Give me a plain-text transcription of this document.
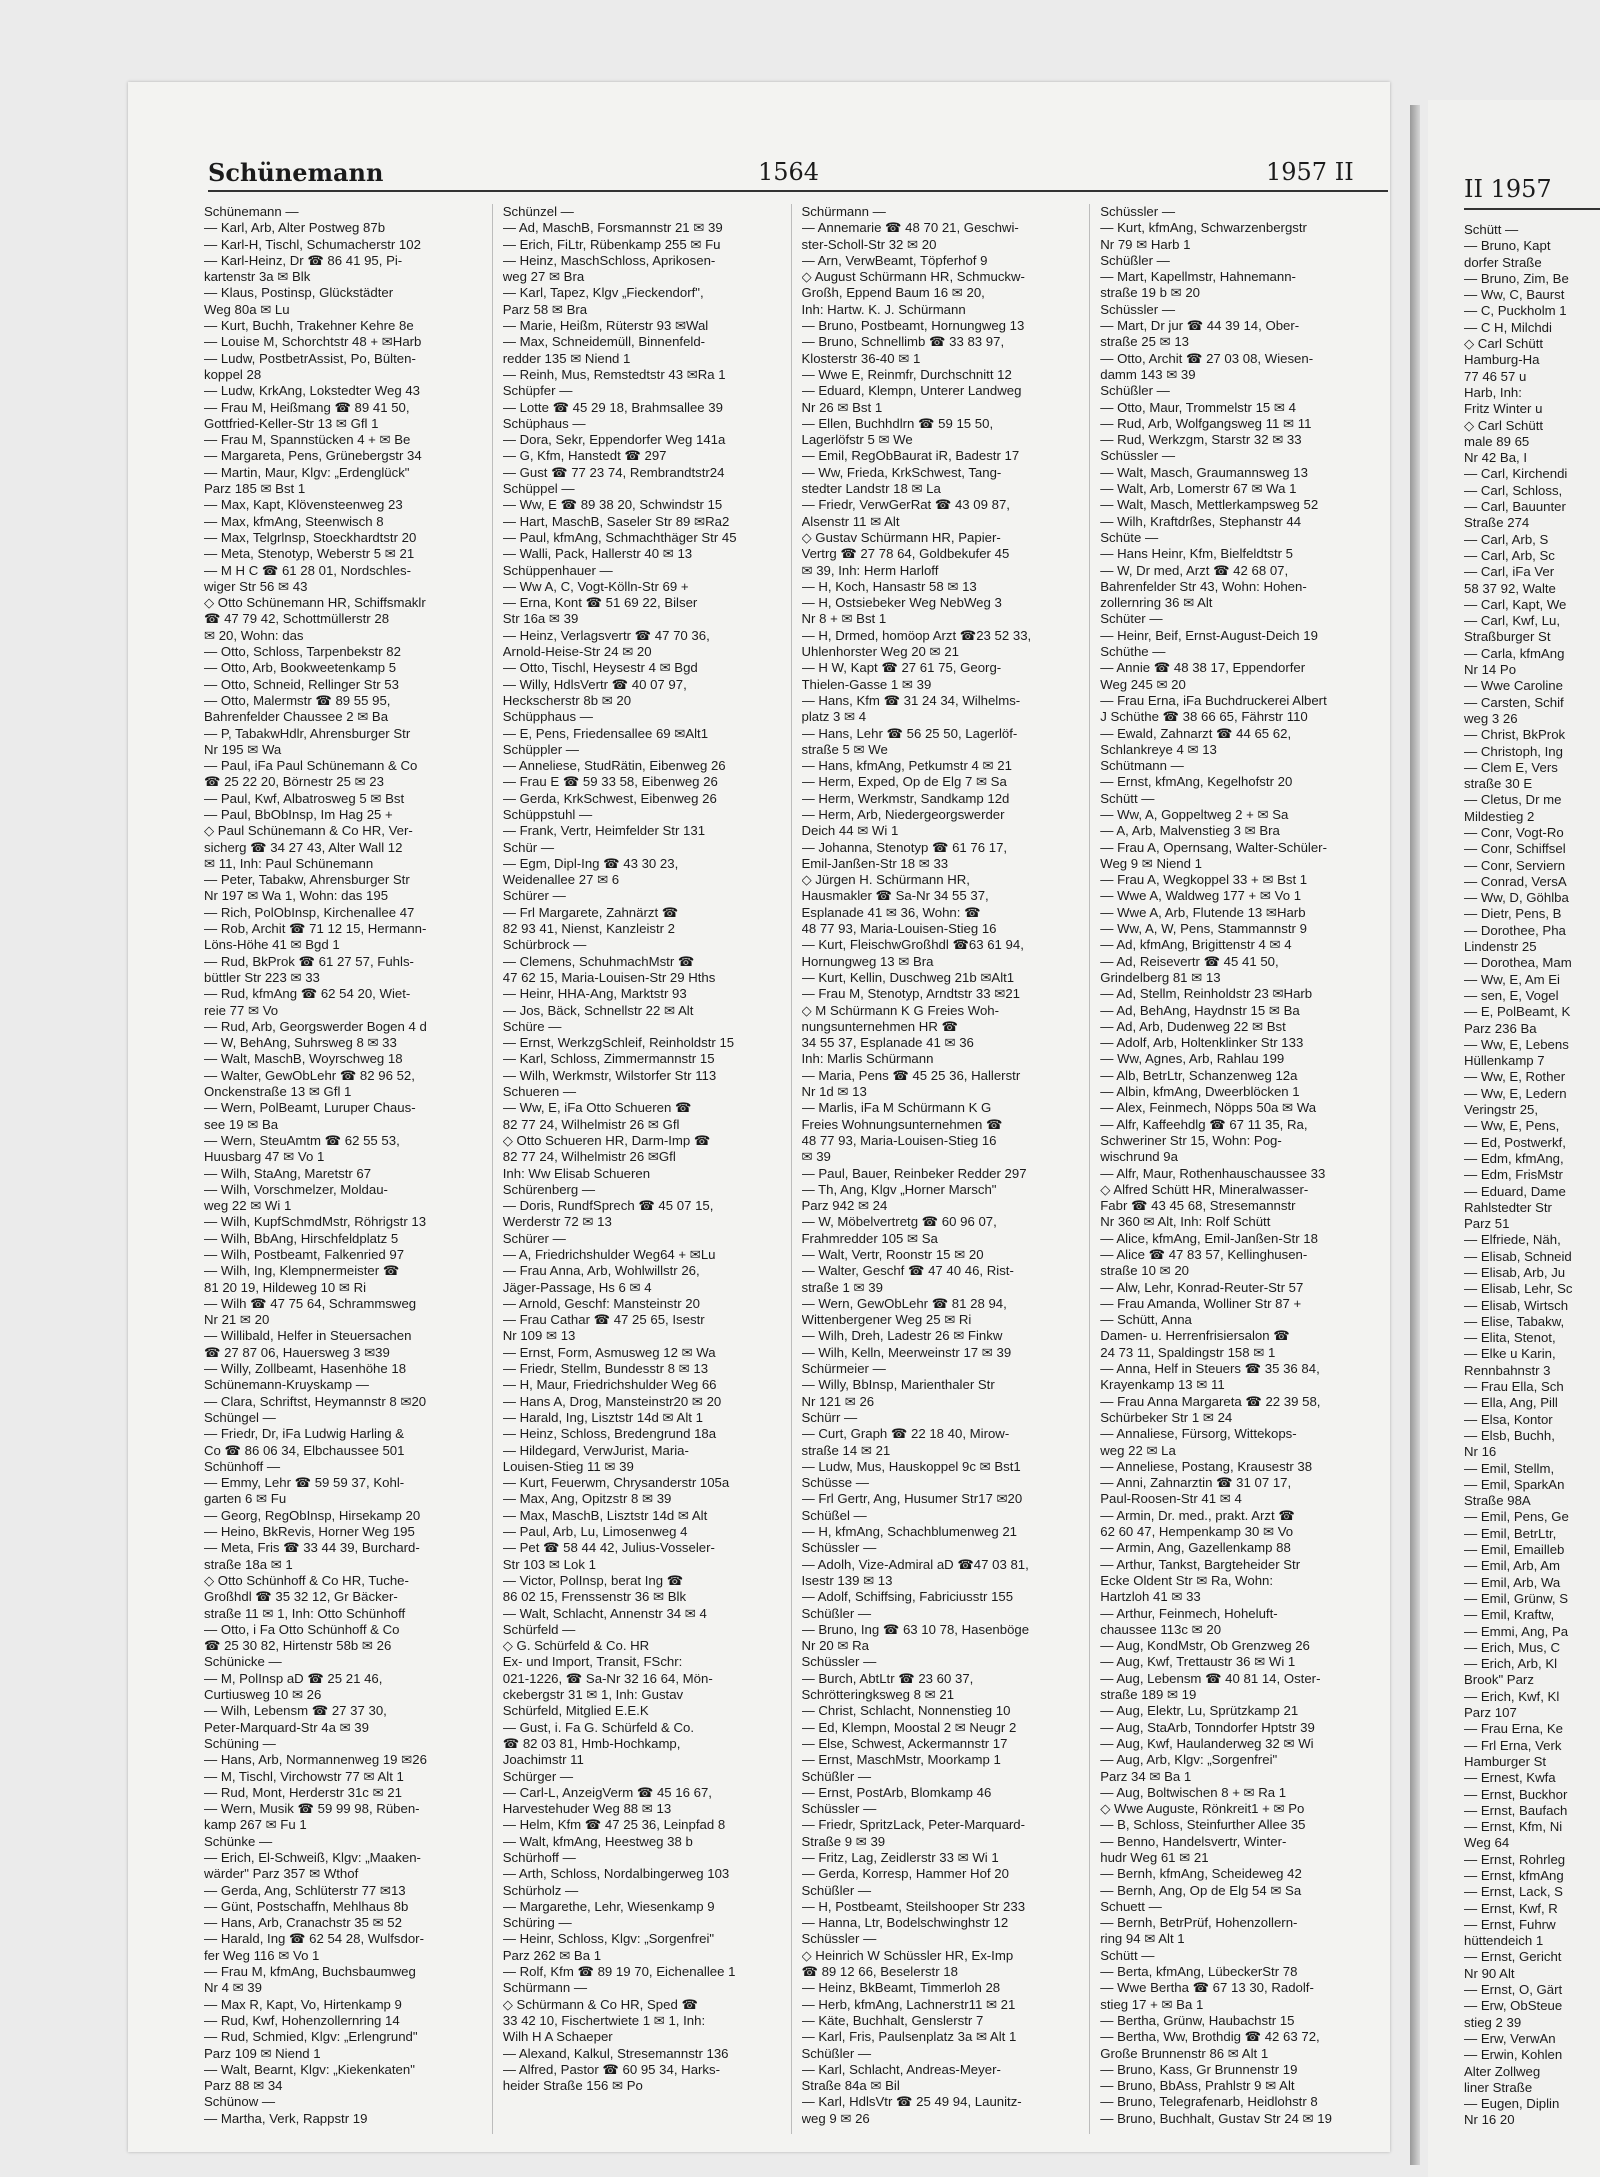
Schünemann	1564	1957 II
Schünemann —
— Karl, Arb, Alter Postweg 87b
— Karl-H, Tischl, Schumacherstr 102
— Karl-Heinz, Dr ☎ 86 41 95, Pi-
kartenstr 3a ✉ Blk
— Klaus, Postinsp, Glückstädter
Weg 80a ✉ Lu
— Kurt, Buchh, Trakehner Kehre 8e
— Louise M, Schorchtstr 48 + ✉Harb
— Ludw, PostbetrAssist, Po, Bülten-
koppel 28
— Ludw, KrkAng, Lokstedter Weg 43
— Frau M, Heißmang ☎ 89 41 50,
Gottfried-Keller-Str 13 ✉ Gfl 1
— Frau M, Spannstücken 4 + ✉ Be
— Margareta, Pens, Grünebergstr 34
— Martin, Maur, Klgv: „Erdenglück"
Parz 185 ✉ Bst 1
— Max, Kapt, Klövensteenweg 23
— Max, kfmAng, Steenwisch 8
— Max, Telgrlnsp, Stoeckhardtstr 20
— Meta, Stenotyp, Weberstr 5 ✉ 21
— M H C ☎ 61 28 01, Nordschles-
wiger Str 56 ✉ 43
◇ Otto Schünemann HR, Schiffsmaklr
☎ 47 79 42, Schottmüllerstr 28
✉ 20, Wohn: das
— Otto, Schloss, Tarpenbekstr 82
— Otto, Arb, Bookweetenkamp 5
— Otto, Schneid, Rellinger Str 53
— Otto, Malermstr ☎ 89 55 95,
Bahrenfelder Chaussee 2 ✉ Ba
— P, TabakwHdlr, Ahrensburger Str
Nr 195 ✉ Wa
— Paul, iFa Paul Schünemann & Co
☎ 25 22 20, Börnestr 25 ✉ 23
— Paul, Kwf, Albatrosweg 5 ✉ Bst
— Paul, BbObInsp, Im Hag 25 +
◇ Paul Schünemann & Co HR, Ver-
sicherg ☎ 34 27 43, Alter Wall 12
✉ 11, Inh: Paul Schünemann
— Peter, Tabakw, Ahrensburger Str
Nr 197 ✉ Wa 1, Wohn: das 195
— Rich, PolObInsp, Kirchenallee 47
— Rob, Archit ☎ 71 12 15, Hermann-
Löns-Höhe 41 ✉ Bgd 1
— Rud, BkProk ☎ 61 27 57, Fuhls-
büttler Str 223 ✉ 33
— Rud, kfmAng ☎ 62 54 20, Wiet-
reie 77 ✉ Vo
— Rud, Arb, Georgswerder Bogen 4 d
— W, BehAng, Suhrsweg 8 ✉ 33
— Walt, MaschB, Woyrschweg 18
— Walter, GewObLehr ☎ 82 96 52,
Onckenstraße 13 ✉ Gfl 1
— Wern, PolBeamt, Luruper Chaus-
see 19 ✉ Ba
— Wern, SteuAmtm ☎ 62 55 53,
Huusbarg 47 ✉ Vo 1
— Wilh, StaAng, Maretstr 67
— Wilh, Vorschmelzer, Moldau-
weg 22 ✉ Wi 1
— Wilh, KupfSchmdMstr, Röhrigstr 13
— Wilh, BbAng, Hirschfeldplatz 5
— Wilh, Postbeamt, Falkenried 97
— Wilh, Ing, Klempnermeister ☎
81 20 19, Hildeweg 10 ✉ Ri
— Wilh ☎ 47 75 64, Schrammsweg
Nr 21 ✉ 20
— Willibald, Helfer in Steuersachen
☎ 27 87 06, Hauersweg 3 ✉39
— Willy, Zollbeamt, Hasenhöhe 18
Schünemann-Kruyskamp —
— Clara, Schriftst, Heymannstr 8 ✉20
Schüngel —
— Friedr, Dr, iFa Ludwig Harling &
Co ☎ 86 06 34, Elbchaussee 501
Schünhoff —
— Emmy, Lehr ☎ 59 59 37, Kohl-
garten 6 ✉ Fu
— Georg, RegObInsp, Hirsekamp 20
— Heino, BkRevis, Horner Weg 195
— Meta, Fris ☎ 33 44 39, Burchard-
straße 18a ✉ 1
◇ Otto Schünhoff & Co HR, Tuche-
Großhdl ☎ 35 32 12, Gr Bäcker-
straße 11 ✉ 1, Inh: Otto Schünhoff
— Otto, i Fa Otto Schünhoff & Co
☎ 25 30 82, Hirtenstr 58b ✉ 26
Schünicke —
— M, PolInsp aD ☎ 25 21 46,
Curtiusweg 10 ✉ 26
— Wilh, Lebensm ☎ 27 37 30,
Peter-Marquard-Str 4a ✉ 39
Schüning —
— Hans, Arb, Normannenweg 19 ✉26
— M, Tischl, Virchowstr 77 ✉ Alt 1
— Rud, Mont, Herderstr 31c ✉ 21
— Wern, Musik ☎ 59 99 98, Rüben-
kamp 267 ✉ Fu 1
Schünke —
— Erich, El-Schweiß, Klgv: „Maaken-
wärder" Parz 357 ✉ Wthof
— Gerda, Ang, Schlüterstr 77 ✉13
— Günt, Postschaffn, Mehlhaus 8b
— Hans, Arb, Cranachstr 35 ✉ 52
— Harald, Ing ☎ 62 54 28, Wulfsdor-
fer Weg 116 ✉ Vo 1
— Frau M, kfmAng, Buchsbaumweg
Nr 4 ✉ 39
— Max R, Kapt, Vo, Hirtenkamp 9
— Rud, Kwf, Hohenzollernring 14
— Rud, Schmied, Klgv: „Erlengrund"
Parz 109 ✉ Niend 1
— Walt, Bearnt, Klgv: „Kiekenkaten"
Parz 88 ✉ 34
Schünow —
— Martha, Verk, Rappstr 19
Schünzel —
— Ad, MaschB, Forsmannstr 21 ✉ 39
— Erich, FiLtr, Rübenkamp 255 ✉ Fu
— Heinz, MaschSchloss, Aprikosen-
weg 27 ✉ Bra
— Karl, Tapez, Klgv „Fieckendorf",
Parz 58 ✉ Bra
— Marie, Heißm, Rüterstr 93 ✉Wal
— Max, Schneidemüll, Binnenfeld-
redder 135 ✉ Niend 1
— Reinh, Mus, Remstedtstr 43 ✉Ra 1
Schüpfer —
— Lotte ☎ 45 29 18, Brahmsallee 39
Schüphaus —
— Dora, Sekr, Eppendorfer Weg 141a
— G, Kfm, Hanstedt ☎ 297
— Gust ☎ 77 23 74, Rembrandtstr24
Schüppel —
— Ww, E ☎ 89 38 20, Schwindstr 15
— Hart, MaschB, Saseler Str 89 ✉Ra2
— Paul, kfmAng, Schmachthäger Str 45
— Walli, Pack, Hallerstr 40 ✉ 13
Schüppenhauer —
— Ww A, C, Vogt-Kölln-Str 69 +
— Erna, Kont ☎ 51 69 22, Bilser
Str 16a ✉ 39
— Heinz, Verlagsvertr ☎ 47 70 36,
Arnold-Heise-Str 24 ✉ 20
— Otto, Tischl, Heysestr 4 ✉ Bgd
— Willy, HdlsVertr ☎ 40 07 97,
Heckscherstr 8b ✉ 20
Schüpphaus —
— E, Pens, Friedensallee 69 ✉Alt1
Schüppler —
— Anneliese, StudRätin, Eibenweg 26
— Frau E ☎ 59 33 58, Eibenweg 26
— Gerda, KrkSchwest, Eibenweg 26
Schüppstuhl —
— Frank, Vertr, Heimfelder Str 131
Schür —
— Egm, Dipl-Ing ☎ 43 30 23,
Weidenallee 27 ✉ 6
Schürer —
— Frl Margarete, Zahnärzt ☎
82 93 41, Nienst, Kanzleistr 2
Schürbrock —
— Clemens, SchuhmachMstr ☎
47 62 15, Maria-Louisen-Str 29 Hths
— Heinr, HHA-Ang, Marktstr 93
— Jos, Bäck, Schnellstr 22 ✉ Alt
Schüre —
— Ernst, WerkzgSchleif, Reinholdstr 15
— Karl, Schloss, Zimmermannstr 15
— Wilh, Werkmstr, Wilstorfer Str 113
Schueren —
— Ww, E, iFa Otto Schueren ☎
82 77 24, Wilhelmistr 26 ✉ Gfl
◇ Otto Schueren HR, Darm-Imp ☎
82 77 24, Wilhelmistr 26 ✉Gfl
Inh: Ww Elisab Schueren
Schürenberg —
— Doris, RundfSprech ☎ 45 07 15,
Werderstr 72 ✉ 13
Schürer —
— A, Friedrichshulder Weg64 + ✉Lu
— Frau Anna, Arb, Wohlwillstr 26,
Jäger-Passage, Hs 6 ✉ 4
— Arnold, Geschf: Mansteinstr 20
— Frau Cathar ☎ 47 25 65, Isestr
Nr 109 ✉ 13
— Ernst, Form, Asmusweg 12 ✉ Wa
— Friedr, Stellm, Bundesstr 8 ✉ 13
— H, Maur, Friedrichshulder Weg 66
— Hans A, Drog, Mansteinstr20 ✉ 20
— Harald, Ing, Lisztstr 14d ✉ Alt 1
— Heinz, Schloss, Bredengrund 18a
— Hildegard, VerwJurist, Maria-
Louisen-Stieg 11 ✉ 39
— Kurt, Feuerwm, Chrysanderstr 105a
— Max, Ang, Opitzstr 8 ✉ 39
— Max, MaschB, Lisztstr 14d ✉ Alt
— Paul, Arb, Lu, Limosenweg 4
— Pet ☎ 58 44 42, Julius-Vosseler-
Str 103 ✉ Lok 1
— Victor, PolInsp, berat Ing ☎
86 02 15, Frenssenstr 36 ✉ Blk
— Walt, Schlacht, Annenstr 34 ✉ 4
Schürfeld —
◇ G. Schürfeld & Co. HR
Ex- und Import, Transit, FSchr:
021-1226, ☎ Sa-Nr 32 16 64, Mön-
ckebergstr 31 ✉ 1, Inh: Gustav
Schürfeld, Mitglied E.E.K
— Gust, i. Fa G. Schürfeld & Co.
☎ 82 03 81, Hmb-Hochkamp,
Joachimstr 11
Schürger —
— Carl-L, AnzeigVerm ☎ 45 16 67,
Harvestehuder Weg 88 ✉ 13
— Helm, Kfm ☎ 47 25 36, Leinpfad 8
— Walt, kfmAng, Heestweg 38 b
Schürhoff —
— Arth, Schloss, Nordalbingerweg 103
Schürholz —
— Margarethe, Lehr, Wiesenkamp 9
Schüring —
— Heinr, Schloss, Klgv: „Sorgenfrei"
Parz 262 ✉ Ba 1
— Rolf, Kfm ☎ 89 19 70, Eichenallee 1
Schürmann —
◇ Schürmann & Co HR, Sped ☎
33 42 10, Fischertwiete 1 ✉ 1, Inh:
Wilh H A Schaeper
— Alexand, Kalkul, Stresemannstr 136
— Alfred, Pastor ☎ 60 95 34, Harks-
heider Straße 156 ✉ Po
Schürmann —
— Annemarie ☎ 48 70 21, Geschwi-
ster-Scholl-Str 32 ✉ 20
— Arn, VerwBeamt, Töpferhof 9
◇ August Schürmann HR, Schmuckw-
Großh, Eppend Baum 16 ✉ 20,
Inh: Hartw. K. J. Schürmann
— Bruno, Postbeamt, Hornungweg 13
— Bruno, Schnellimb ☎ 33 83 97,
Klosterstr 36-40 ✉ 1
— Wwe E, Reinmfr, Durchschnitt 12
— Eduard, Klempn, Unterer Landweg
Nr 26 ✉ Bst 1
— Ellen, Buchhdlrn ☎ 59 15 50,
Lagerlöfstr 5 ✉ We
— Emil, RegObBaurat iR, Badestr 17
— Ww, Frieda, KrkSchwest, Tang-
stedter Landstr 18 ✉ La
— Friedr, VerwGerRat ☎ 43 09 87,
Alsenstr 11 ✉ Alt
◇ Gustav Schürmann HR, Papier-
Vertrg ☎ 27 78 64, Goldbekufer 45
✉ 39, Inh: Herm Harloff
— H, Koch, Hansastr 58 ✉ 13
— H, Ostsiebeker Weg NebWeg 3
Nr 8 + ✉ Bst 1
— H, Drmed, homöop Arzt ☎23 52 33,
Uhlenhorster Weg 20 ✉ 21
— H W, Kapt ☎ 27 61 75, Georg-
Thielen-Gasse 1 ✉ 39
— Hans, Kfm ☎ 31 24 34, Wilhelms-
platz 3 ✉ 4
— Hans, Lehr ☎ 56 25 50, Lagerlöf-
straße 5 ✉ We
— Hans, kfmAng, Petkumstr 4 ✉ 21
— Herm, Exped, Op de Elg 7 ✉ Sa
— Herm, Werkmstr, Sandkamp 12d
— Herm, Arb, Niedergeorgswerder
Deich 44 ✉ Wi 1
— Johanna, Stenotyp ☎ 61 76 17,
Emil-Janßen-Str 18 ✉ 33
◇ Jürgen H. Schürmann HR,
Hausmakler ☎ Sa-Nr 34 55 37,
Esplanade 41 ✉ 36, Wohn: ☎
48 77 93, Maria-Louisen-Stieg 16
— Kurt, FleischwGroßhdl ☎63 61 94,
Hornungweg 13 ✉ Bra
— Kurt, Kellin, Duschweg 21b ✉Alt1
— Frau M, Stenotyp, Arndtstr 33 ✉21
◇ M Schürmann K G Freies Woh-
nungsunternehmen HR ☎
34 55 37, Esplanade 41 ✉ 36
Inh: Marlis Schürmann
— Maria, Pens ☎ 45 25 36, Hallerstr
Nr 1d ✉ 13
— Marlis, iFa M Schürmann K G
Freies Wohnungsunternehmen ☎
48 77 93, Maria-Louisen-Stieg 16
✉ 39
— Paul, Bauer, Reinbeker Redder 297
— Th, Ang, Klgv „Horner Marsch"
Parz 942 ✉ 24
— W, Möbelvertretg ☎ 60 96 07,
Frahmredder 105 ✉ Sa
— Walt, Vertr, Roonstr 15 ✉ 20
— Walter, Geschf ☎ 47 40 46, Rist-
straße 1 ✉ 39
— Wern, GewObLehr ☎ 81 28 94,
Wittenbergener Weg 25 ✉ Ri
— Wilh, Dreh, Ladestr 26 ✉ Finkw
— Wilh, Kelln, Meerweinstr 17 ✉ 39
Schürmeier —
— Willy, BbInsp, Marienthaler Str
Nr 121 ✉ 26
Schürr —
— Curt, Graph ☎ 22 18 40, Mirow-
straße 14 ✉ 21
— Ludw, Mus, Hauskoppel 9c ✉ Bst1
Schüsse —
— Frl Gertr, Ang, Husumer Str17 ✉20
Schüßel —
— H, kfmAng, Schachblumenweg 21
Schüssler —
— Adolh, Vize-Admiral aD ☎47 03 81,
Isestr 139 ✉ 13
— Adolf, Schiffsing, Fabriciusstr 155
Schüßler —
— Bruno, Ing ☎ 63 10 78, Hasenböge
Nr 20 ✉ Ra
Schüssler —
— Burch, AbtLtr ☎ 23 60 37,
Schrötteringksweg 8 ✉ 21
— Christ, Schlacht, Nonnenstieg 10
— Ed, Klempn, Moostal 2 ✉ Neugr 2
— Else, Schwest, Ackermannstr 17
— Ernst, MaschMstr, Moorkamp 1
Schüßler —
— Ernst, PostArb, Blomkamp 46
Schüssler —
— Friedr, SpritzLack, Peter-Marquard-
Straße 9 ✉ 39
— Fritz, Lag, Zeidlerstr 33 ✉ Wi 1
— Gerda, Korresp, Hammer Hof 20
Schüßler —
— H, Postbeamt, Steilshooper Str 233
— Hanna, Ltr, Bodelschwinghstr 12
Schüssler —
◇ Heinrich W Schüssler HR, Ex-Imp
☎ 89 12 66, Beselerstr 18
— Heinz, BkBeamt, Timmerloh 28
— Herb, kfmAng, Lachnerstr11 ✉ 21
— Käte, Buchhalt, Genslerstr 7
— Karl, Fris, Paulsenplatz 3a ✉ Alt 1
Schüßler —
— Karl, Schlacht, Andreas-Meyer-
Straße 84a ✉ Bil
— Karl, HdlsVtr ☎ 25 49 94, Launitz-
weg 9 ✉ 26
Schüssler —
— Kurt, kfmAng, Schwarzenbergstr
Nr 79 ✉ Harb 1
Schüßler —
— Mart, Kapellmstr, Hahnemann-
straße 19 b ✉ 20
Schüssler —
— Mart, Dr jur ☎ 44 39 14, Ober-
straße 25 ✉ 13
— Otto, Archit ☎ 27 03 08, Wiesen-
damm 143 ✉ 39
Schüßler —
— Otto, Maur, Trommelstr 15 ✉ 4
— Rud, Arb, Wolfgangsweg 11 ✉ 11
— Rud, Werkzgm, Starstr 32 ✉ 33
Schüssler —
— Walt, Masch, Graumannsweg 13
— Walt, Arb, Lomerstr 67 ✉ Wa 1
— Walt, Masch, Mettlerkampsweg 52
— Wilh, Kraftdrßes, Stephanstr 44
Schüte —
— Hans Heinr, Kfm, Bielfeldtstr 5
— W, Dr med, Arzt ☎ 42 68 07,
Bahrenfelder Str 43, Wohn: Hohen-
zollernring 36 ✉ Alt
Schüter —
— Heinr, Beif, Ernst-August-Deich 19
Schüthe —
— Annie ☎ 48 38 17, Eppendorfer
Weg 245 ✉ 20
— Frau Erna, iFa Buchdruckerei Albert
J Schüthe ☎ 38 66 65, Fährstr 110
— Ewald, Zahnarzt ☎ 44 65 62,
Schlankreye 4 ✉ 13
Schütmann —
— Ernst, kfmAng, Kegelhofstr 20
Schütt —
— Ww, A, Goppeltweg 2 + ✉ Sa
— A, Arb, Malvenstieg 3 ✉ Bra
— Frau A, Opernsang, Walter-Schüler-
Weg 9 ✉ Niend 1
— Frau A, Wegkoppel 33 + ✉ Bst 1
— Wwe A, Waldweg 177 + ✉ Vo 1
— Wwe A, Arb, Flutende 13 ✉Harb
— Ww, A, W, Pens, Stammannstr 9
— Ad, kfmAng, Brigittenstr 4 ✉ 4
— Ad, Reisevertr ☎ 45 41 50,
Grindelberg 81 ✉ 13
— Ad, Stellm, Reinholdstr 23 ✉Harb
— Ad, BehAng, Haydnstr 15 ✉ Ba
— Ad, Arb, Dudenweg 22 ✉ Bst
— Adolf, Arb, Holtenklinker Str 133
— Ww, Agnes, Arb, Rahlau 199
— Alb, BetrLtr, Schanzenweg 12a
— Albin, kfmAng, Dweerblöcken 1
— Alex, Feinmech, Nöpps 50a ✉ Wa
— Alfr, Kaffeehdlg ☎ 67 11 35, Ra,
Schweriner Str 15, Wohn: Pog-
wischrund 9a
— Alfr, Maur, Rothenhauschaussee 33
◇ Alfred Schütt HR, Mineralwasser-
Fabr ☎ 43 45 68, Stresemannstr
Nr 360 ✉ Alt, Inh: Rolf Schütt
— Alice, kfmAng, Emil-Janßen-Str 18
— Alice ☎ 47 83 57, Kellinghusen-
straße 10 ✉ 20
— Alw, Lehr, Konrad-Reuter-Str 57
— Frau Amanda, Wolliner Str 87 +
— Schütt, Anna
Damen- u. Herrenfrisiersalon ☎
24 73 11, Spaldingstr 158 ✉ 1
— Anna, Helf in Steuers ☎ 35 36 84,
Krayenkamp 13 ✉ 11
— Frau Anna Margareta ☎ 22 39 58,
Schürbeker Str 1 ✉ 24
— Annaliese, Fürsorg, Wittekops-
weg 22 ✉ La
— Anneliese, Postang, Krausestr 38
— Anni, Zahnarztin ☎ 31 07 17,
Paul-Roosen-Str 41 ✉ 4
— Armin, Dr. med., prakt. Arzt ☎
62 60 47, Hempenkamp 30 ✉ Vo
— Armin, Ang, Gazellenkamp 88
— Arthur, Tankst, Bargteheider Str
Ecke Oldent Str ✉ Ra, Wohn:
Hartzloh 41 ✉ 33
— Arthur, Feinmech, Hoheluft-
chaussee 113c ✉ 20
— Aug, KondMstr, Ob Grenzweg 26
— Aug, Kwf, Trettaustr 36 ✉ Wi 1
— Aug, Lebensm ☎ 40 81 14, Oster-
straße 189 ✉ 19
— Aug, Elektr, Lu, Sprützkamp 21
— Aug, StaArb, Tonndorfer Hptstr 39
— Aug, Kwf, Haulanderweg 32 ✉ Wi
— Aug, Arb, Klgv: „Sorgenfrei"
Parz 34 ✉ Ba 1
— Aug, Boltwischen 8 + ✉ Ra 1
◇ Wwe Auguste, Rönkreit1 + ✉ Po
— B, Schloss, Steinfurther Allee 35
— Benno, Handelsvertr, Winter-
hudr Weg 61 ✉ 21
— Bernh, kfmAng, Scheideweg 42
— Bernh, Ang, Op de Elg 54 ✉ Sa
Schuett —
— Bernh, BetrPrüf, Hohenzollern-
ring 94 ✉ Alt 1
Schütt —
— Berta, kfmAng, LübeckerStr 78
— Wwe Bertha ☎ 67 13 30, Radolf-
stieg 17 + ✉ Ba 1
— Bertha, Grünw, Haubachstr 15
— Bertha, Ww, Brothdig ☎ 42 63 72,
Große Brunnenstr 86 ✉ Alt 1
— Bruno, Kass, Gr Brunnenstr 19
— Bruno, BbAss, Prahlstr 9 ✉ Alt
— Bruno, Telegrafenarb, Heidlohstr 8
— Bruno, Buchhalt, Gustav Str 24 ✉ 19
II 1957
Schütt —
— Bruno, Kapt
dorfer Straße
— Bruno, Zim, Be
— Ww, C, Baurst
— C, Puckholm 1
— C H, Milchdi
◇ Carl Schütt
Hamburg-Ha
77 46 57 u
Harb, Inh:
Fritz Winter u
◇ Carl Schütt
male 89 65
Nr 42 Ba, I
— Carl, Kirchendi
— Carl, Schloss,
— Carl, Bauunter
Straße 274
— Carl, Arb, S
— Carl, Arb, Sc
— Carl, iFa Ver
58 37 92, Walte
— Carl, Kapt, We
— Carl, Kwf, Lu,
Straßburger St
— Carla, kfmAng
Nr 14 Po
— Wwe Caroline
— Carsten, Schif
weg 3 26
— Christ, BkProk
— Christoph, Ing
— Clem E, Vers
straße 30 E
— Cletus, Dr me
Mildestieg 2
— Conr, Vogt-Ro
— Conr, Schiffsel
— Conr, Serviern
— Conrad, VersA
— Ww, D, Göhlba
— Dietr, Pens, B
— Dorothee, Pha
Lindenstr 25
— Dorothea, Mam
— Ww, E, Am Ei
— sen, E, Vogel
— E, PolBeamt, K
Parz 236 Ba
— Ww, E, Lebens
Hüllenkamp 7
— Ww, E, Rother
— Ww, E, Ledern
Veringstr 25,
— Ww, E, Pens,
— Ed, Postwerkf,
— Edm, kfmAng,
— Edm, FrisMstr
— Eduard, Dame
Rahlstedter Str
Parz 51
— Elfriede, Näh,
— Elisab, Schneid
— Elisab, Arb, Ju
— Elisab, Lehr, Sc
— Elisab, Wirtsch
— Elise, Tabakw,
— Elita, Stenot,
— Elke u Karin,
Rennbahnstr 3
— Frau Ella, Sch
— Ella, Ang, Pill
— Elsa, Kontor
— Elsb, Buchh,
Nr 16
— Emil, Stellm,
— Emil, SparkAn
Straße 98A
— Emil, Pens, Ge
— Emil, BetrLtr,
— Emil, Emailleb
— Emil, Arb, Am
— Emil, Arb, Wa
— Emil, Grünw, S
— Emil, Kraftw,
— Emmi, Ang, Pa
— Erich, Mus, C
— Erich, Arb, Kl
Brook" Parz
— Erich, Kwf, Kl
Parz 107
— Frau Erna, Ke
— Frl Erna, Verk
Hamburger St
— Ernest, Kwfa
— Ernst, Buckhor
— Ernst, Baufach
— Ernst, Kfm, Ni
Weg 64
— Ernst, Rohrleg
— Ernst, kfmAng
— Ernst, Lack, S
— Ernst, Kwf, R
— Ernst, Fuhrw
hüttendeich 1
— Ernst, Gericht
Nr 90 Alt
— Ernst, O, Gärt
— Erw, ObSteue
stieg 2 39
— Erw, VerwAn
— Erwin, Kohlen
Alter Zollweg
liner Straße
— Eugen, Diplin
Nr 16 20
